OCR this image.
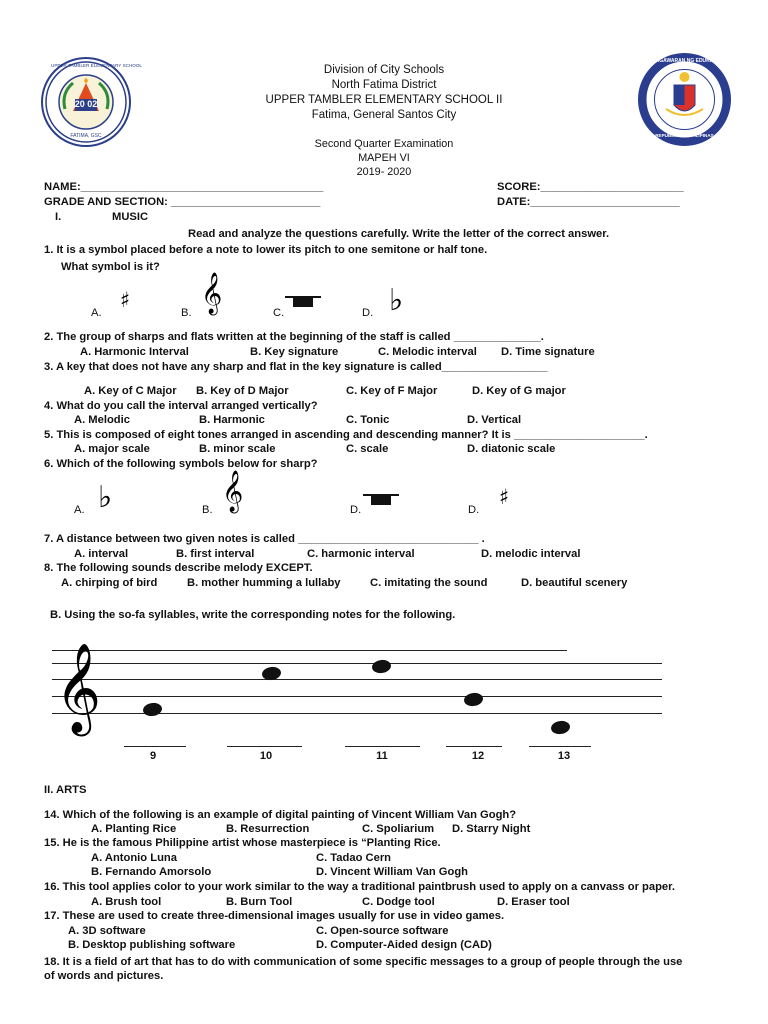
20 02
UPPER TAMBLER ELEMENTARY SCHOOL
FATIMA, GSC
KAGAWARAN NG EDUKASYON
REPUBLIKA NG PILIPINAS
Division of City Schools
North Fatima District
UPPER TAMBLER ELEMENTARY SCHOOL II
Fatima, General Santos City
Second Quarter Examination
MAPEH VI
2019- 2020
NAME:_______________________________________	SCORE:_______________________
GRADE AND SECTION: ________________________	DATE:________________________
I.	MUSIC
Read and analyze the questions carefully. Write the letter of the correct answer.
1. It is a symbol placed before a note to lower its pitch to one semitone or half tone.
What symbol is it?
A.
♯
B. 𝄞	C.	D. ♭
2. The group of sharps and flats written at the beginning of the staff is called ______________.
A. Harmonic Interval	B. Key signature	C. Melodic interval D. Time signature
3. A key that does not have any sharp and flat in the key signature is called_________________
A. Key of C Major B. Key of D Major	C. Key of F Major	D. Key of G major
4. What do you call the interval arranged vertically?
A. Melodic	B. Harmonic	C. Tonic	D. Vertical
5. This is composed of eight tones arranged in ascending and descending manner? It is _____________________.
A. major scale	B. minor scale	C. scale	D. diatonic scale
6. Which of the following symbols below for sharp?
A. ♭	B. 𝄞	D.	D.
♯
7. A distance between two given notes is called _____________________________ .
A. interval	B. first interval	C. harmonic interval	D. melodic interval
8. The following sounds describe melody EXCEPT.
A. chirping of bird	B. mother humming a lullaby	C. imitating the sound	D. beautiful scenery
B. Using the so-fa syllables, write the corresponding notes for the following.
𝄞
9	10	11	12	13
II. ARTS
14. Which of the following is an example of digital painting of Vincent William Van Gogh?
A. Planting Rice	B. Resurrection	C. Spoliarium D. Starry Night
15. He is the famous Philippine artist whose masterpiece is “Planting Rice.
A. Antonio Luna	C. Tadao Cern
B. Fernando Amorsolo	D. Vincent William Van Gogh
16. This tool applies color to your work similar to the way a traditional paintbrush used to apply on a canvass or paper.
A. Brush tool	B. Burn Tool	C. Dodge tool	D. Eraser tool
17. These are used to create three-dimensional images usually for use in video games.
A. 3D software	C. Open-source software
B. Desktop publishing software	D. Computer-Aided design (CAD)
18. It is a field of art that has to do with communication of some specific messages to a group of people through the use
of words and pictures.
